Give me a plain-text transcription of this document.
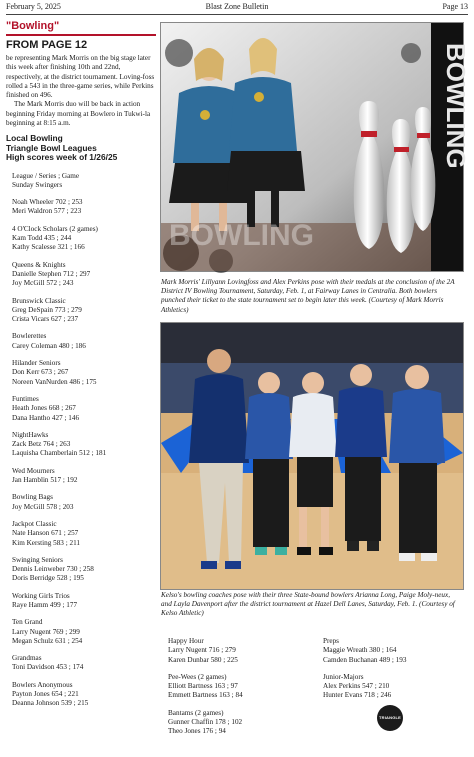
February 5, 2025	Blast Zone Bulletin	Page 13
"Bowling"
FROM PAGE 12

be representing Mark Morris on the big stage later this week after finishing 10th and 22nd, respectively, at the district tournament. Loving-foss rolled a 543 in the three-game series, while Perkins finished on 496.

The Mark Morris duo will be back in action beginning Friday morning at Bowlero in Tukwi-la beginning at 8:15 a.m.

Local Bowling
Triangle Bowl Leagues
High scores week of 1/26/25
League / Series ; Game
Sunday Swingers
Noah Wheeler 702 ; 253
Meri Waldron 577 ; 223
4 O'Clock Scholars (2 games)
Kam Todd 435 ; 244
Kathy Scalesse 321 ; 166
Queens & Knights
Danielle Stephen 712 ; 297
Joy McGill 572 ; 243
Brunswick Classic
Greg DeSpain 773 ; 279
Crista Vicars 627 ; 237
Bowlerettes
Carey Coleman 480 ; 186
Hilander Seniors
Don Kerr 673 ; 267
Noreen VanNurden 486 ; 175
Funtimes
Heath Jones 668 ; 267
Dana Hantho 427 ; 146
NightHawks
Zack Betz 764 ; 263
Laquisha Chamberlain 512 ; 181
Wed Mourners
Jan Hamblin 517 ; 192
Bowling Bags
Joy McGill 578 ; 203
Jackpot Classic
Nate Hanson 671 ; 257
Kim Kersting 583 ; 211
Swinging Seniors
Dennis Leinweber 730 ; 258
Doris Berridge 528 ; 195
Working Girls Trios
Raye Hamm 499 ; 177
Ten Grand
Larry Nugent 769 ; 299
Megan Schulz 631 ; 254
Grandmas
Toni Davidson 453 ; 174
Bowlers Anonymous
Payton Jones 654 ; 221
Deanna Johnson 539 ; 215
BOWLING
BOWLING
Mark Morris' Lillyann Lovingfoss and Alex Perkins pose with their medals at the conclusion of the 2A District IV Bowling Tournament, Saturday, Feb. 1, at Fairway Lanes in Centralia. Both bowlers punched their ticket to the state tournament set to begin later this week. (Courtesy of Mark Morris Athletics)
Kelso's bowling coaches pose with their three State-bound bowlers Arianna Long, Paige Moly-neux, and Layla Davenport after the district tournament at Hazel Dell Lanes, Saturday, Feb. 1. (Courtesy of Kelso Athletic)
Happy Hour
Larry Nugent 716 ; 279
Karen Dunbar 580 ; 225
Pee-Wees (2 games)
Elliott Bartness 163 ; 97
Emmett Bartness 163 ; 84
Bantams (2 games)
Gunner Chaffin 178 ; 102
Theo Jones 176 ; 94
Preps
Maggie Wreath 380 ; 164
Camden Buchanan 489 ; 193
Junior-Majors
Alex Perkins 547 ; 210
Hunter Evans 718 ; 246
TRIANGLE BOWL
